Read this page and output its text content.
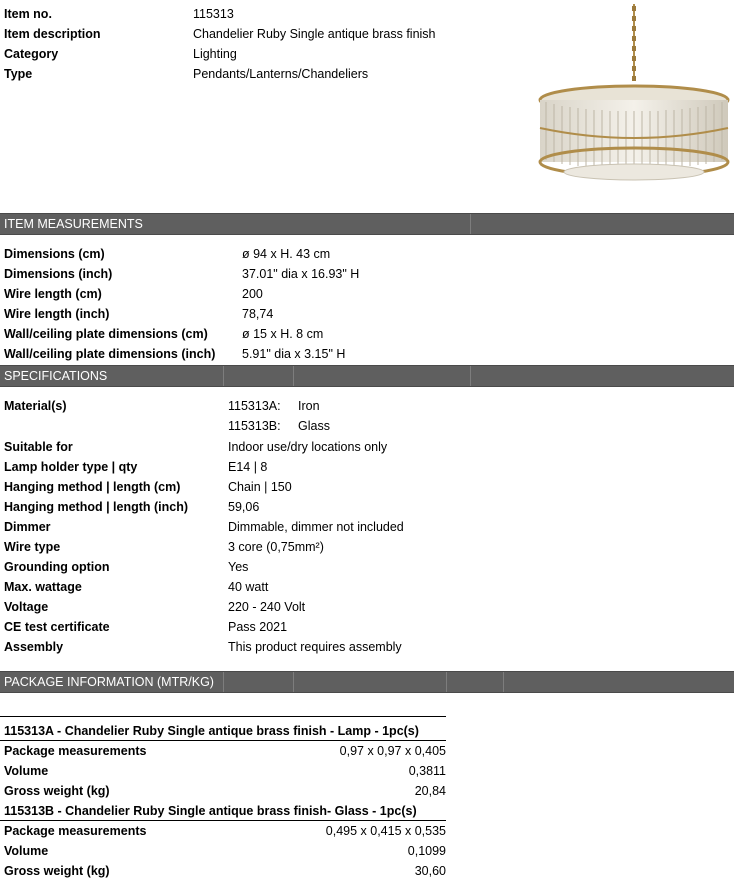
Item no.	115313
Item description	Chandelier Ruby Single antique brass finish
Category	Lighting
Type	Pendants/Lanterns/Chandeliers
ITEM MEASUREMENTS
Dimensions (cm)	ø 94 x H. 43 cm
Dimensions (inch)	37.01" dia x 16.93" H
Wire length (cm)	200
Wire length (inch)	78,74
Wall/ceiling plate dimensions (cm)	ø 15 x H. 8 cm
Wall/ceiling plate dimensions (inch) 5.91" dia x 3.15" H
SPECIFICATIONS
Material(s)	115313A: Iron
115313B: Glass
Suitable for	Indoor use/dry locations only
Lamp holder type | qty	E14 | 8
Hanging method | length (cm)	Chain | 150
Hanging method | length (inch)	59,06
Dimmer	Dimmable, dimmer not included
Wire type	3 core (0,75mm²)
Grounding option	Yes
Max. wattage	40 watt
Voltage	220 - 240 Volt
CE test certificate	Pass 2021
Assembly	This product requires assembly
PACKAGE INFORMATION (MTR/KG)
115313A - Chandelier Ruby Single antique brass finish - Lamp - 1pc(s)
Package measurements	0,97 x 0,97 x 0,405
Volume	0,3811
Gross weight (kg)	20,84
115313B - Chandelier Ruby Single antique brass finish- Glass - 1pc(s)
Package measurements	0,495 x 0,415 x 0,535
Volume	0,1099
Gross weight (kg)	30,60
